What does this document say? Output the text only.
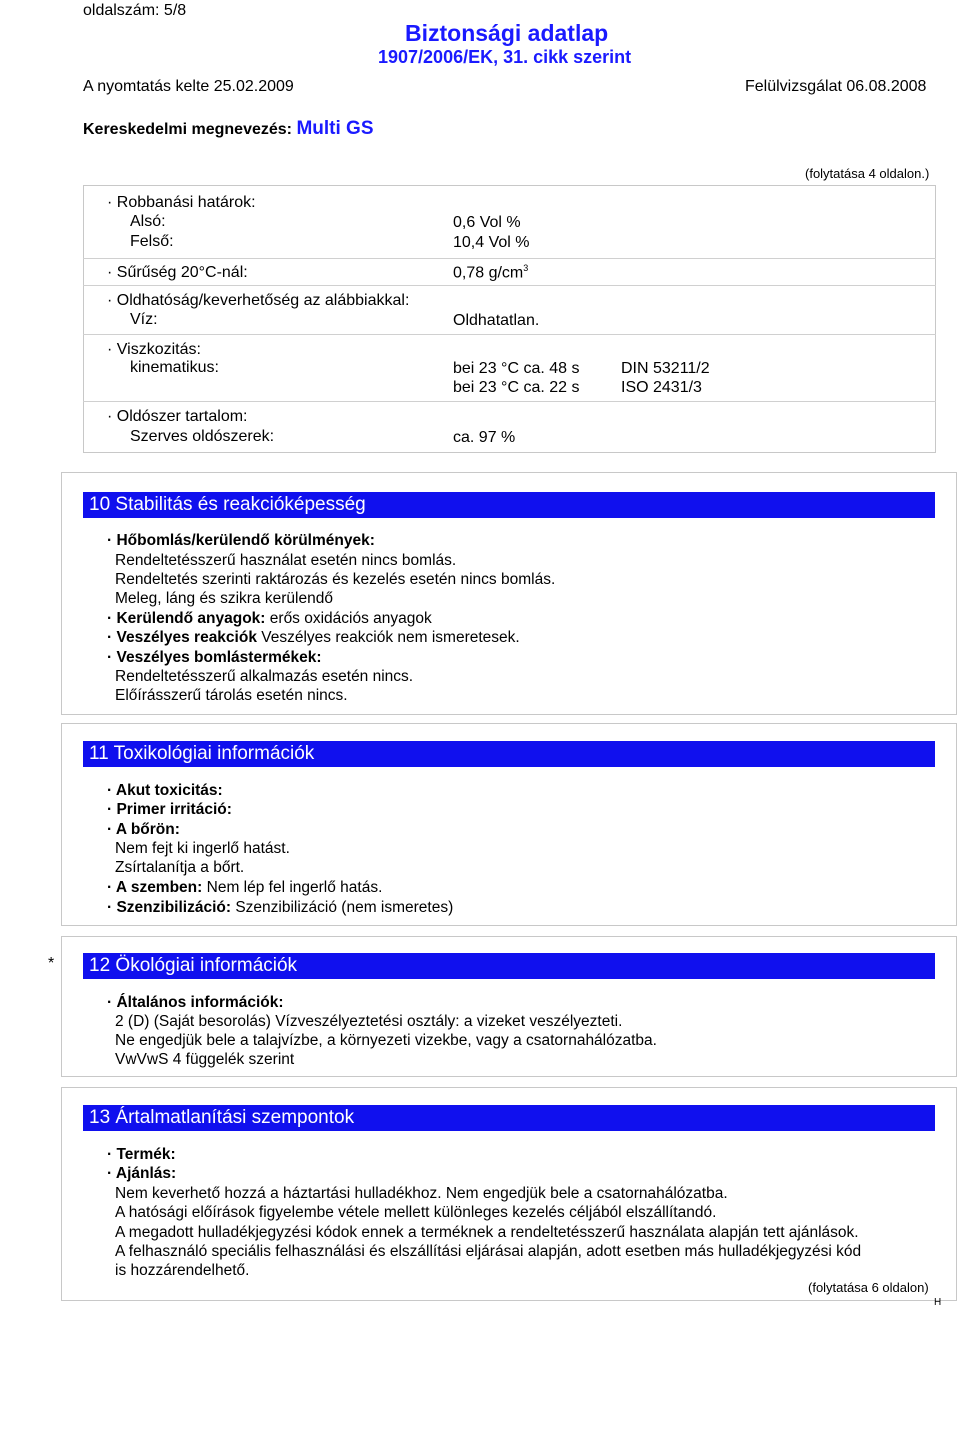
oldalszám: 5/8
Biztonsági adatlap
1907/2006/EK, 31. cikk szerint
A nyomtatás kelte 25.02.2009	Felülvizsgálat 06.08.2008
Kereskedelmi megnevezés: Multi GS
(folytatása 4 oldalon.)
· Robbanási határok:
Alsó:	0,6 Vol %
Felső:	10,4 Vol %
· Sűrűség 20°C-nál:	0,78 $g/cm^3$
· Oldhatóság/keverhetőség az alábbiakkal:
Víz:	Oldhatatlan.
· Viszkozitás:
kinematikus:	bei 23 °C ca. 48 s	DIN 53211/2
bei 23 °C ca. 22 s	ISO 2431/3
· Oldószer tartalom:
Szerves oldószerek:	ca. 97 %
10 Stabilitás és reakcióképesség
· Hőbomlás/kerülendő körülmények:
Rendeltetésszerű használat esetén nincs bomlás.
Rendeltetés szerinti raktározás és kezelés esetén nincs bomlás.
Meleg, láng és szikra kerülendő
· Kerülendő anyagok: erős oxidációs anyagok
· Veszélyes reakciók Veszélyes reakciók nem ismeretesek.
· Veszélyes bomlástermékek:
Rendeltetésszerű alkalmazás esetén nincs.
Előírásszerű tárolás esetén nincs.
11 Toxikológiai információk
· Akut toxicitás:
· Primer irritáció:
· A bőrön:
Nem fejt ki ingerlő hatást.
Zsírtalanítja a bőrt.
· A szemben: Nem lép fel ingerlő hatás.
· Szenzibilizáció: Szenzibilizáció (nem ismeretes)
*	12 Ökológiai információk
· Általános információk:
2 (D) (Saját besorolás) Vízveszélyeztetési osztály: a vizeket veszélyezteti.
Ne engedjük bele a talajvízbe, a környezeti vizekbe, vagy a csatornahálózatba.
VwVwS 4 függelék szerint
13 Ártalmatlanítási szempontok
· Termék:
· Ajánlás:
Nem keverhető hozzá a háztartási hulladékhoz. Nem engedjük bele a csatornahálózatba.
A hatósági előírások figyelembe vétele mellett különleges kezelés céljából elszállítandó.
A megadott hulladékjegyzési kódok ennek a terméknek a rendeltetésszerű használata alapján tett ajánlások.
A felhasználó speciális felhasználási és elszállítási eljárásai alapján, adott esetben más hulladékjegyzési kód
is hozzárendelhető.
(folytatása 6 oldalon)
H
